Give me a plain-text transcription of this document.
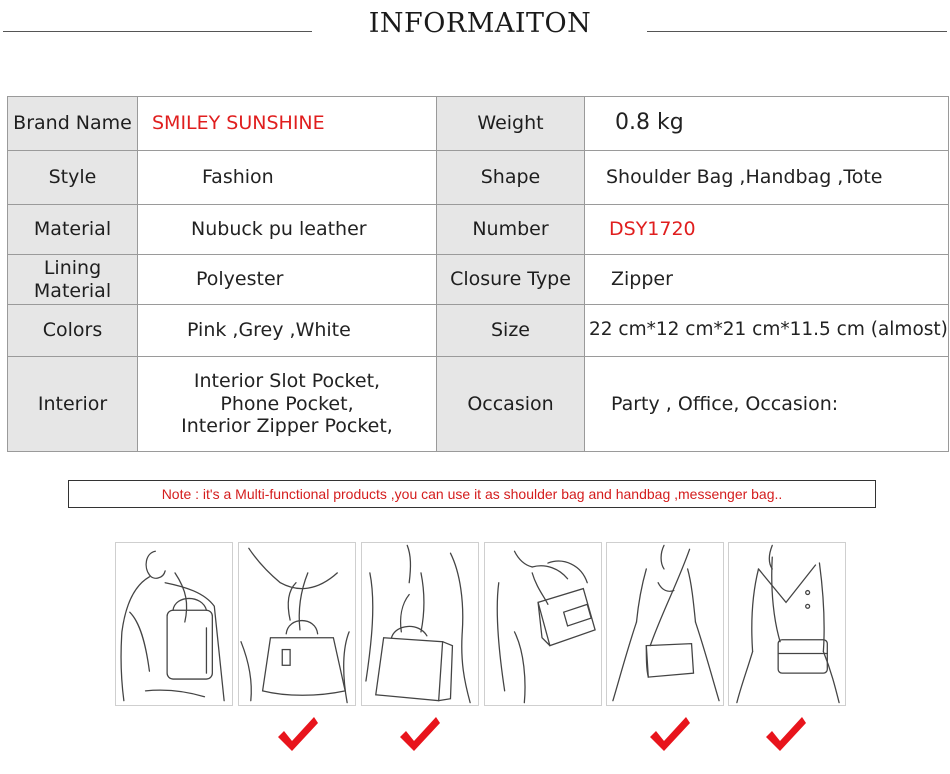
INFORMAITON
Brand Name	SMILEY SUNSHINE	Weight	0.8 kg
Style	Fashion	Shape	Shoulder Bag ,Handbag ,Tote
Material	Nubuck pu leather	Number	DSY1720

Lining
Material	Polyester	Closure Type	Zipper
Colors	Pink ,Grey ,White	Size	22 cm*12 cm*21 cm*11.5 cm (almost)
Interior	Interior Slot Pocket,
Phone Pocket,
Interior Zipper Pocket,	Occasion	Party , Office, Occasion:
Note : it's a Multi-functional products ,you can use it as shoulder bag and handbag ,messenger bag..
